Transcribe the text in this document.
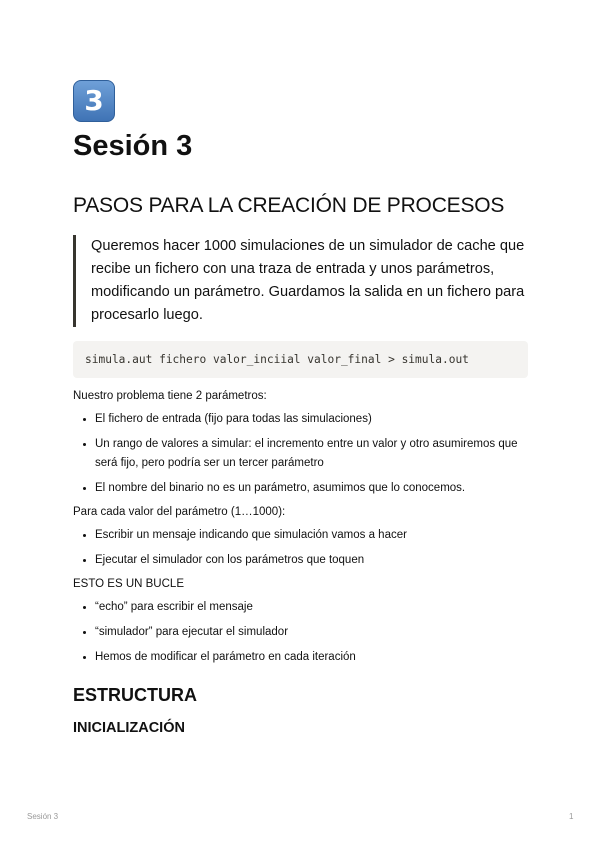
3
Sesión 3
PASOS PARA LA CREACIÓN DE PROCESOS
Queremos hacer 1000 simulaciones de un simulador de cache que recibe un fichero con una traza de entrada y unos parámetros, modificando un parámetro. Guardamos la salida en un fichero para procesarlo luego.
simula.aut fichero valor_inciial valor_final > simula.out

Nuestro problema tiene 2 parámetros:

• El fichero de entrada (fijo para todas las simulaciones)
• Un rango de valores a simular: el incremento entre un valor y otro asumiremos que será fijo, pero podría ser un tercer parámetro
• El nombre del binario no es un parámetro, asumimos que lo conocemos.

Para cada valor del parámetro (1…1000):

• Escribir un mensaje indicando que simulación vamos a hacer
• Ejecutar el simulador con los parámetros que toquen

ESTO ES UN BUCLE

• “echo” para escribir el mensaje
• “simulador” para ejecutar el simulador
• Hemos de modificar el parámetro en cada iteración
ESTRUCTURA
INICIALIZACIÓN
Sesión 3	1
